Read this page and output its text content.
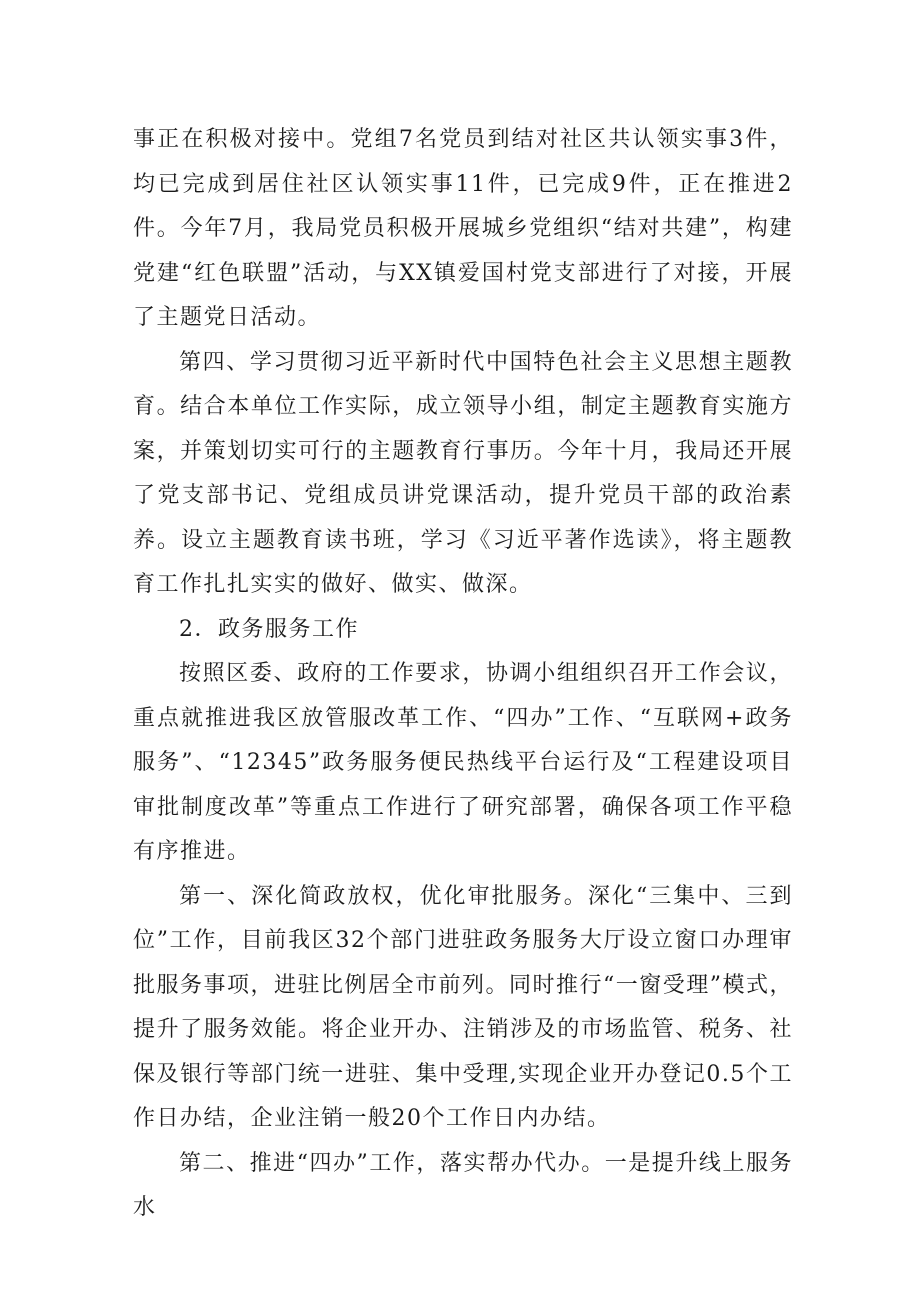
事正在积极对接中。党组7名党员到结对社区共认领实事3件，均已完成到居住社区认领实事11件，已完成9件，正在推进2件。今年7月，我局党员积极开展城乡党组织“结对共建”，构建党建“红色联盟”活动，与XX镇爱国村党支部进行了对接，开展了主题党日活动。

第四、学习贯彻习近平新时代中国特色社会主义思想主题教育。结合本单位工作实际，成立领导小组，制定主题教育实施方案，并策划切实可行的主题教育行事历。今年十月，我局还开展了党支部书记、党组成员讲党课活动，提升党员干部的政治素养。设立主题教育读书班，学习《习近平著作选读》，将主题教育工作扎扎实实的做好、做实、做深。

2．政务服务工作

按照区委、政府的工作要求，协调小组组织召开工作会议，重点就推进我区放管服改革工作、“四办”工作、“互联网+政务服务”、“12345”政务服务便民热线平台运行及“工程建设项目审批制度改革”等重点工作进行了研究部署，确保各项工作平稳有序推进。

第一、深化简政放权，优化审批服务。深化“三集中、三到位”工作，目前我区32个部门进驻政务服务大厅设立窗口办理审批服务事项，进驻比例居全市前列。同时推行“一窗受理”模式，提升了服务效能。将企业开办、注销涉及的市场监管、税务、社保及银行等部门统一进驻、集中受理,实现企业开办登记0.5个工作日办结，企业注销一般20个工作日内办结。

第二、推进“四办”工作，落实帮办代办。一是提升线上服务水
